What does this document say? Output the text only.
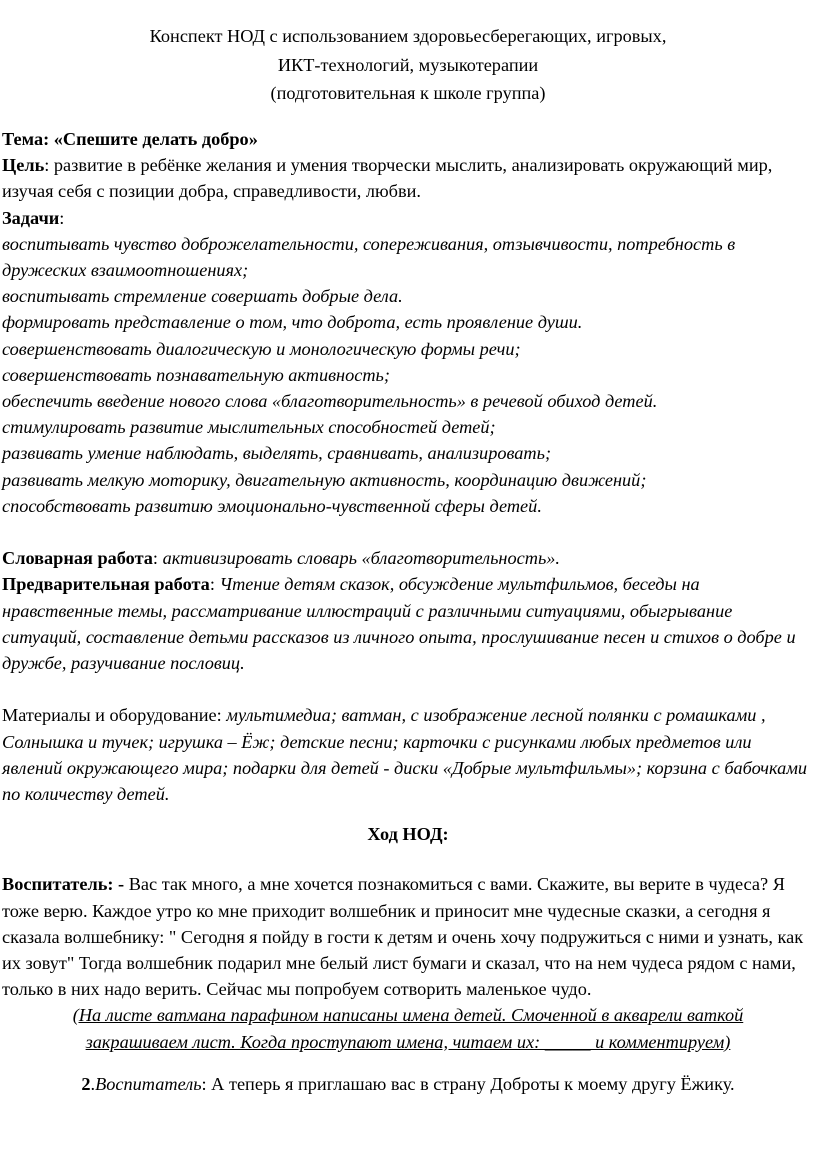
Конспект НОД с использованием здоровьесберегающих, игровых,

ИКТ-технологий, музыкотерапии

(подготовительная к школе группа)

Тема: «Спешите делать добро»

Цель: развитие в ребёнке желания и умения творчески мыслить, анализировать окружающий мир, изучая себя с позиции добра, справедливости, любви.

Задачи:

воспитывать чувство доброжелательности, сопереживания, отзывчивости, потребность в дружеских взаимоотношениях;

воспитывать стремление совершать добрые дела.

формировать представление о том, что доброта, есть проявление души.

совершенствовать диалогическую и монологическую формы речи;

совершенствовать познавательную активность;

обеспечить введение нового слова «благотворительность» в речевой обиход детей.

стимулировать развитие мыслительных способностей детей;

развивать умение наблюдать, выделять, сравнивать, анализировать;

развивать мелкую моторику, двигательную активность, координацию движений;

способствовать развитию эмоционально-чувственной сферы детей.

Словарная работа: активизировать словарь «благотворительность».

Предварительная работа: Чтение детям сказок, обсуждение мультфильмов, беседы на нравственные темы, рассматривание иллюстраций с различными ситуациями, обыгрывание ситуаций, составление детьми рассказов из личного опыта, прослушивание песен и стихов о добре и дружбе, разучивание пословиц.

Материалы и оборудование: мультимедиа; ватман, с изображение лесной полянки с ромашками , Солнышка и тучек; игрушка – Ёж; детские песни; карточки с рисунками любых предметов или явлений окружающего мира; подарки для детей - диски «Добрые мультфильмы»; корзина с бабочками по количеству детей.

Ход НОД:

Воспитатель: - Вас так много, а мне хочется познакомиться с вами. Скажите, вы верите в чудеса? Я тоже верю. Каждое утро ко мне приходит волшебник и приносит мне чудесные сказки, а сегодня я сказала волшебнику: " Сегодня я пойду в гости к детям и очень хочу подружиться с ними и узнать, как их зовут" Тогда волшебник подарил мне белый лист бумаги и сказал, что на нем чудеса рядом с нами, только в них надо верить. Сейчас мы попробуем сотворить маленькое чудо.

(На листе ватмана парафином написаны имена детей. Смоченной в акварели ваткой закрашиваем лист. Когда проступают имена, читаем их: _____ и комментируем)

2.Воспитатель: А теперь я приглашаю вас в страну Доброты к моему другу Ёжику.
